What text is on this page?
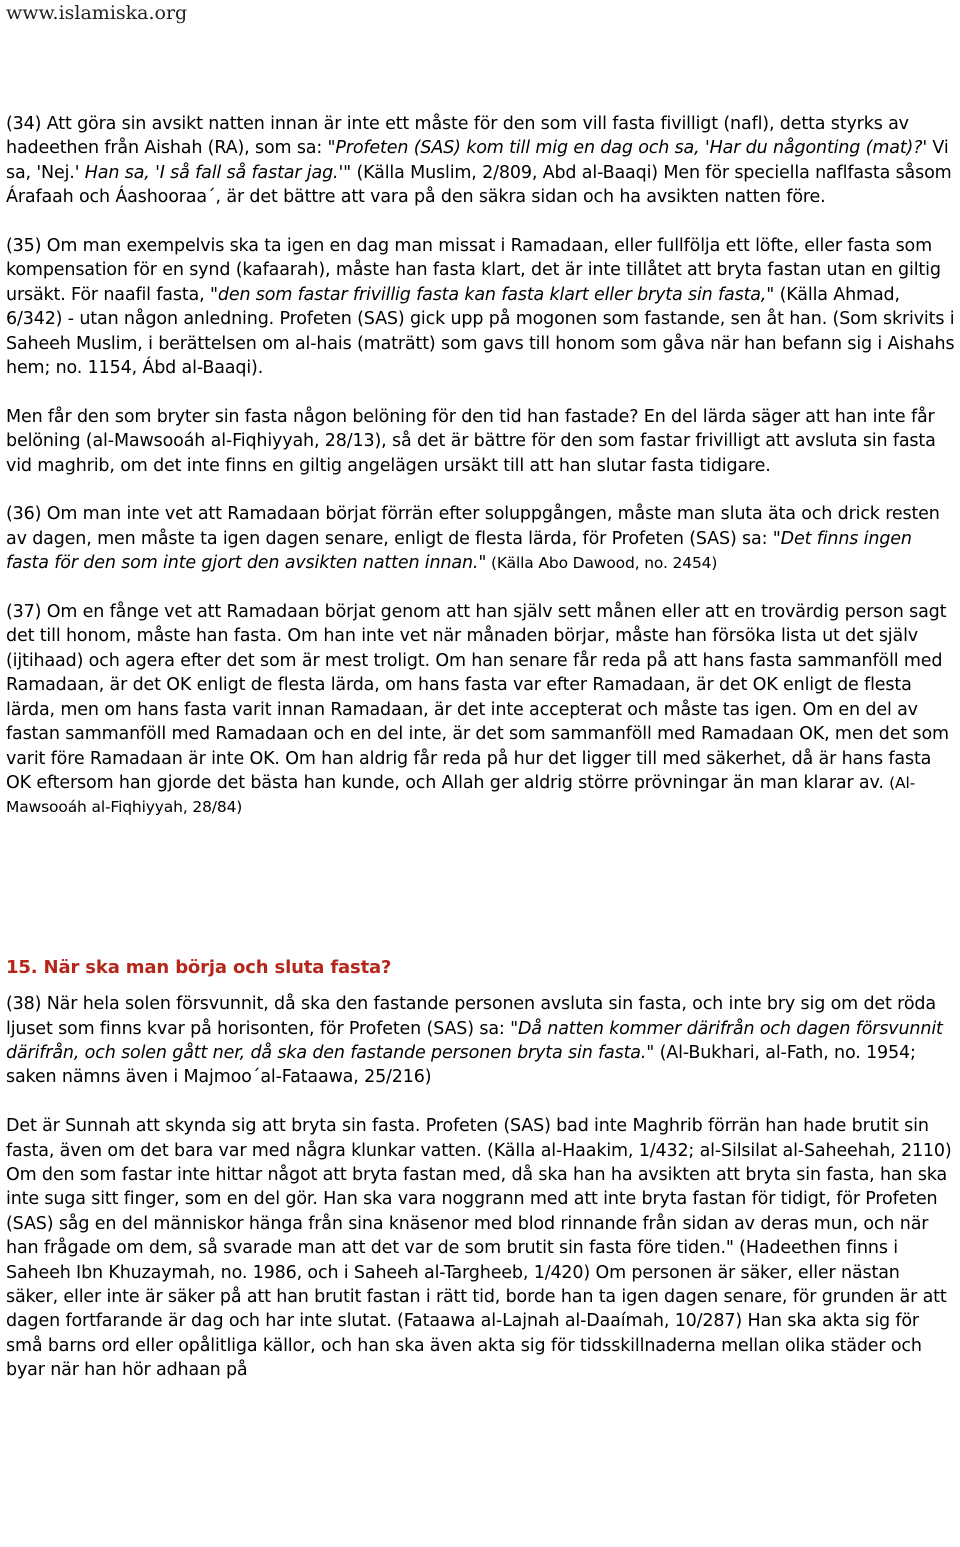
www.islamiska.org

(34) Att göra sin avsikt natten innan är inte ett måste för den som vill fasta fivilligt (nafl), detta styrks av hadeethen från Aishah (RA), som sa: "Profeten (SAS) kom till mig en dag och sa, 'Har du någonting (mat)?' Vi sa, 'Nej.' Han sa, 'I så fall så fastar jag.'" (Källa Muslim, 2/809, Abd al-Baaqi) Men för speciella naflfasta såsom Árafaah och Áashooraa´, är det bättre att vara på den säkra sidan och ha avsikten natten före.

(35) Om man exempelvis ska ta igen en dag man missat i Ramadaan, eller fullfölja ett löfte, eller fasta som kompensation för en synd (kafaarah), måste han fasta klart, det är inte tillåtet att bryta fastan utan en giltig ursäkt. För naafil fasta, "den som fastar frivillig fasta kan fasta klart eller bryta sin fasta," (Källa Ahmad, 6/342) - utan någon anledning. Profeten (SAS) gick upp på mogonen som fastande, sen åt han. (Som skrivits i Saheeh Muslim, i berättelsen om al-hais (maträtt) som gavs till honom som gåva när han befann sig i Aishahs hem; no. 1154, Ábd al-Baaqi).

Men får den som bryter sin fasta någon belöning för den tid han fastade? En del lärda säger att han inte får belöning (al-Mawsooáh al-Fiqhiyyah, 28/13), så det är bättre för den som fastar frivilligt att avsluta sin fasta vid maghrib, om det inte finns en giltig angelägen ursäkt till att han slutar fasta tidigare.

(36) Om man inte vet att Ramadaan börjat förrän efter soluppgången, måste man sluta äta och drick resten av dagen, men måste ta igen dagen senare, enligt de flesta lärda, för Profeten (SAS) sa: "Det finns ingen fasta för den som inte gjort den avsikten natten innan." (Källa Abo Dawood, no. 2454)

(37) Om en fånge vet att Ramadaan börjat genom att han själv sett månen eller att en trovärdig person sagt det till honom, måste han fasta. Om han inte vet när månaden börjar, måste han försöka lista ut det själv (ijtihaad) och agera efter det som är mest troligt. Om han senare får reda på att hans fasta sammanföll med Ramadaan, är det OK enligt de flesta lärda, om hans fasta var efter Ramadaan, är det OK enligt de flesta lärda, men om hans fasta varit innan Ramadaan, är det inte accepterat och måste tas igen. Om en del av fastan sammanföll med Ramadaan och en del inte, är det som sammanföll med Ramadaan OK, men det som varit före Ramadaan är inte OK. Om han aldrig får reda på hur det ligger till med säkerhet, då är hans fasta OK eftersom han gjorde det bästa han kunde, och Allah ger aldrig större prövningar än man klarar av. (Al-Mawsooáh al-Fiqhiyyah, 28/84)

15. När ska man börja och sluta fasta?

(38) När hela solen försvunnit, då ska den fastande personen avsluta sin fasta, och inte bry sig om det röda ljuset som finns kvar på horisonten, för Profeten (SAS) sa: "Då natten kommer därifrån och dagen försvunnit därifrån, och solen gått ner, då ska den fastande personen bryta sin fasta." (Al-Bukhari, al-Fath, no. 1954; saken nämns även i Majmoo´al-Fataawa, 25/216)

Det är Sunnah att skynda sig att bryta sin fasta. Profeten (SAS) bad inte Maghrib förrän han hade brutit sin fasta, även om det bara var med några klunkar vatten. (Källa al-Haakim, 1/432; al-Silsilat al-Saheehah, 2110) Om den som fastar inte hittar något att bryta fastan med, då ska han ha avsikten att bryta sin fasta, han ska inte suga sitt finger, som en del gör. Han ska vara noggrann med att inte bryta fastan för tidigt, för Profeten (SAS) såg en del människor hänga från sina knäsenor med blod rinnande från sidan av deras mun, och när han frågade om dem, så svarade man att det var de som brutit sin fasta före tiden." (Hadeethen finns i Saheeh Ibn Khuzaymah, no. 1986, och i Saheeh al-Targheeb, 1/420) Om personen är säker, eller nästan säker, eller inte är säker på att han brutit fastan i rätt tid, borde han ta igen dagen senare, för grunden är att dagen fortfarande är dag och har inte slutat. (Fataawa al-Lajnah al-Daaímah, 10/287) Han ska akta sig för små barns ord eller opålitliga källor, och han ska även akta sig för tidsskillnaderna mellan olika städer och byar när han hör adhaan på
